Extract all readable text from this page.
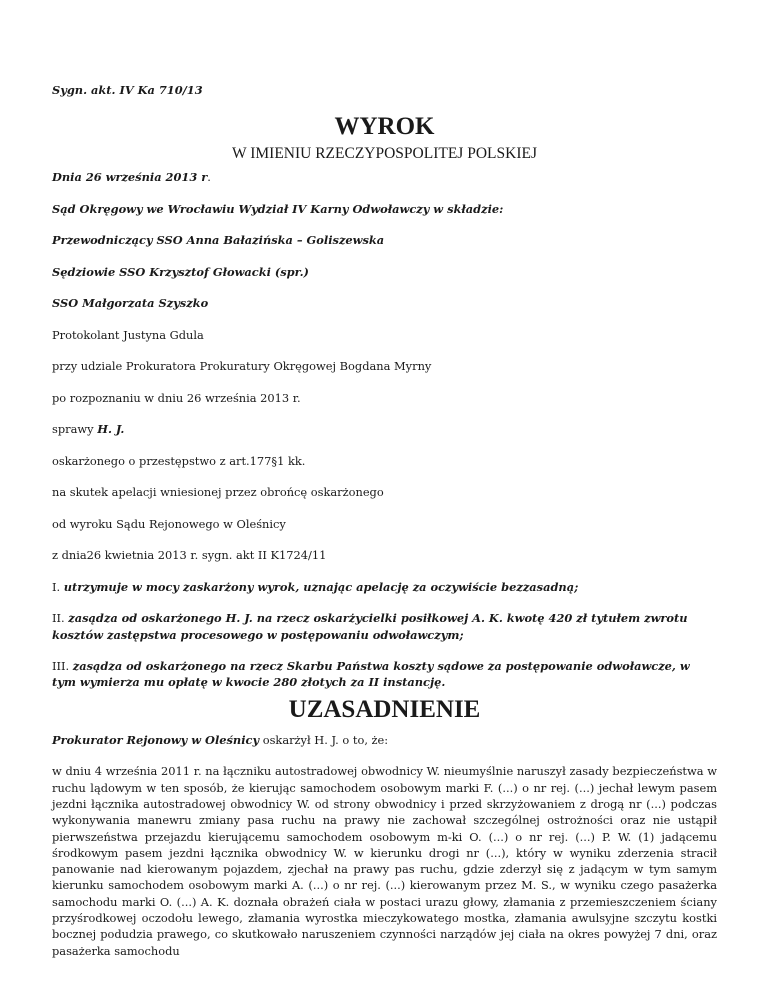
Sygn. akt. IV Ka 710/13

WYROK
W IMIENIU RZECZYPOSPOLITEJ POLSKIEJ

Dnia 26 września 2013 r.

Sąd Okręgowy we Wrocławiu Wydział IV Karny Odwoławczy w składzie:

Przewodniczący SSO Anna Bałazińska – Goliszewska

Sędziowie SSO Krzysztof Głowacki (spr.)

SSO Małgorzata Szyszko

Protokolant Justyna Gdula

przy udziale Prokuratora Prokuratury Okręgowej Bogdana Myrny

po rozpoznaniu w dniu 26 września 2013 r.

sprawy H. J.

oskarżonego o przestępstwo z art.177§1 kk.

na skutek apelacji wniesionej przez obrońcę oskarżonego

od wyroku Sądu Rejonowego w Oleśnicy

z dnia26 kwietnia 2013 r. sygn. akt II K1724/11

I. utrzymuje w mocy zaskarżony wyrok, uznając apelację za oczywiście bezzasadną;

II. zasądza od oskarżonego H. J. na rzecz oskarżycielki posiłkowej A. K. kwotę 420 zł tytułem zwrotu kosztów zastępstwa procesowego w postępowaniu odwoławczym;

III. zasądza od oskarżonego na rzecz Skarbu Państwa koszty sądowe za postępowanie odwoławcze, w tym wymierza mu opłatę w kwocie 280 złotych za II instancję.

UZASADNIENIE

Prokurator Rejonowy w Oleśnicy oskarżył H. J. o to, że:

w dniu 4 września 2011 r. na łączniku autostradowej obwodnicy W. nieumyślnie naruszył zasady bezpieczeństwa w ruchu lądowym w ten sposób, że kierując samochodem osobowym marki F. (...) o nr rej. (...) jechał lewym pasem jezdni łącznika autostradowej obwodnicy W. od strony obwodnicy i przed skrzyżowaniem z drogą nr (...) podczas wykonywania manewru zmiany pasa ruchu na prawy nie zachował szczególnej ostrożności oraz nie ustąpił pierwszeństwa przejazdu kierującemu samochodem osobowym m-ki O. (...) o nr rej. (...) P. W. (1) jadącemu środkowym pasem jezdni łącznika obwodnicy W. w kierunku drogi nr (...), który w wyniku zderzenia stracił panowanie nad kierowanym pojazdem, zjechał na prawy pas ruchu, gdzie zderzył się z jadącym w tym samym kierunku samochodem osobowym marki A. (...) o nr rej. (...) kierowanym przez M. S., w wyniku czego pasażerka samochodu marki O. (...) A. K. doznała obrażeń ciała w postaci urazu głowy, złamania z przemieszczeniem ściany przyśrodkowej oczodołu lewego, złamania wyrostka mieczykowatego mostka, złamania awulsyjne szczytu kostki bocznej podudzia prawego, co skutkowało naruszeniem czynności narządów jej ciała na okres powyżej 7 dni, oraz pasażerka samochodu
